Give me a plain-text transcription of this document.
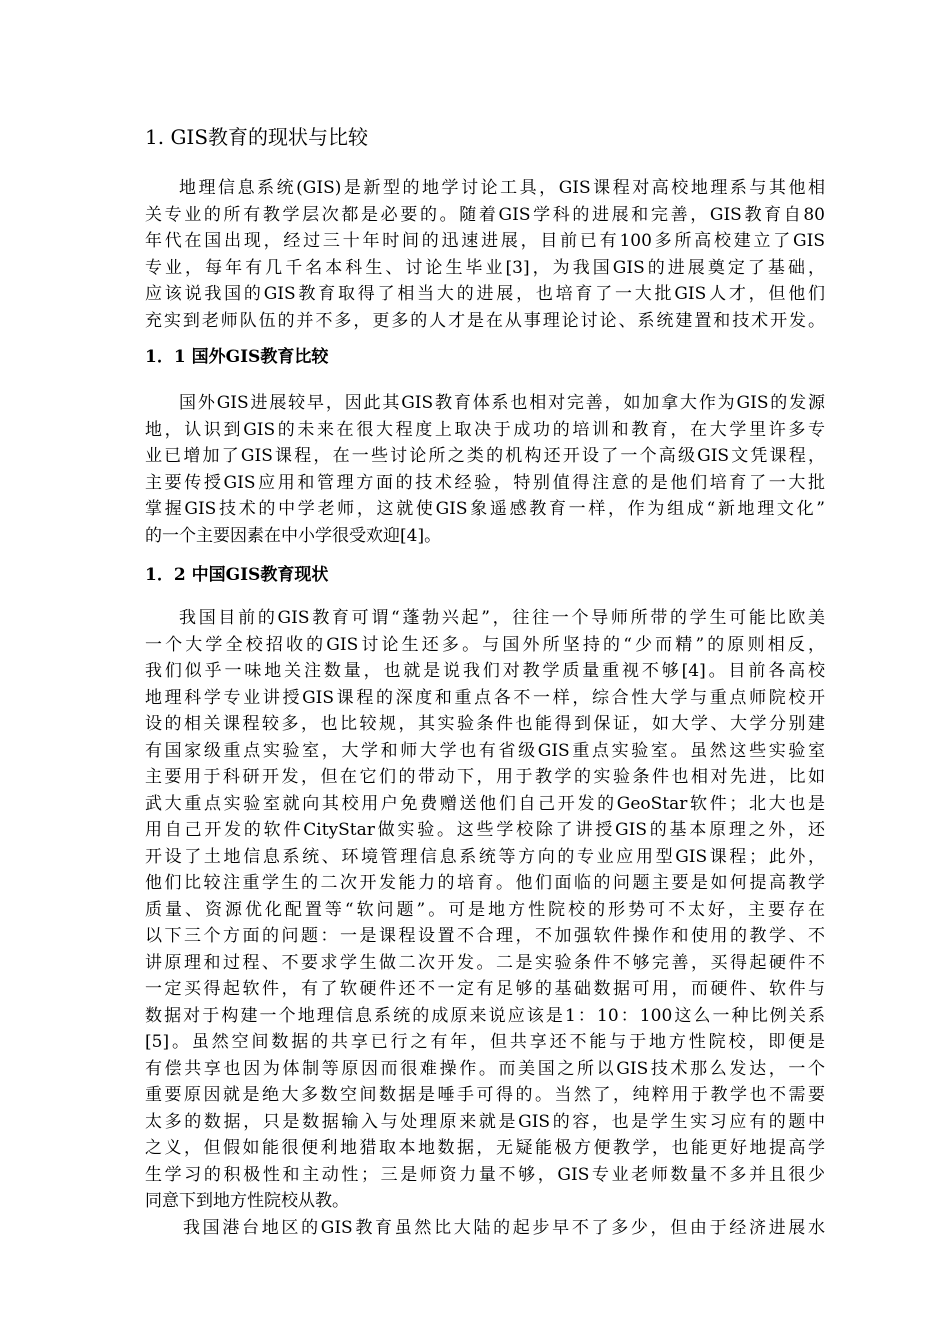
1. GIS教育的现状与比较
地理信息系统(GIS)是新型的地学讨论工具，GIS课程对高校地理系与其他相
关专业的所有教学层次都是必要的。随着GIS学科的进展和完善，GIS教育自80
年代在国出现，经过三十年时间的迅速进展，目前已有100多所高校建立了GIS
专业，每年有几千名本科生、讨论生毕业[3]，为我国GIS的进展奠定了基础，
应该说我国的GIS教育取得了相当大的进展，也培育了一大批GIS人才，但他们
充实到老师队伍的并不多，更多的人才是在从事理论讨论、系统建置和技术开发。
1．1 国外GIS教育比较
国外GIS进展较早，因此其GIS教育体系也相对完善，如加拿大作为GIS的发源
地，认识到GIS的未来在很大程度上取决于成功的培训和教育，在大学里许多专
业已增加了GIS课程，在一些讨论所之类的机构还开设了一个高级GIS文凭课程，
主要传授GIS应用和管理方面的技术经验，特别值得注意的是他们培育了一大批
掌握GIS技术的中学老师，这就使GIS象遥感教育一样，作为组成“新地理文化”
的一个主要因素在中小学很受欢迎[4]。
1．2 中国GIS教育现状
我国目前的GIS教育可谓“蓬勃兴起”，往往一个导师所带的学生可能比欧美
一个大学全校招收的GIS讨论生还多。与国外所坚持的“少而精”的原则相反，
我们似乎一味地关注数量，也就是说我们对教学质量重视不够[4]。目前各高校
地理科学专业讲授GIS课程的深度和重点各不一样，综合性大学与重点师院校开
设的相关课程较多，也比较规，其实验条件也能得到保证，如大学、大学分别建
有国家级重点实验室，大学和师大学也有省级GIS重点实验室。虽然这些实验室
主要用于科研开发，但在它们的带动下，用于教学的实验条件也相对先进，比如
武大重点实验室就向其校用户免费赠送他们自己开发的GeoStar软件；北大也是
用自己开发的软件CityStar做实验。这些学校除了讲授GIS的基本原理之外，还
开设了土地信息系统、环境管理信息系统等方向的专业应用型GIS课程；此外，
他们比较注重学生的二次开发能力的培育。他们面临的问题主要是如何提高教学
质量、资源优化配置等“软问题”。可是地方性院校的形势可不太好，主要存在
以下三个方面的问题：一是课程设置不合理，不加强软件操作和使用的教学、不
讲原理和过程、不要求学生做二次开发。二是实验条件不够完善，买得起硬件不
一定买得起软件，有了软硬件还不一定有足够的基础数据可用，而硬件、软件与
数据对于构建一个地理信息系统的成原来说应该是1：10：100这么一种比例关系
[5]。虽然空间数据的共享已行之有年，但共享还不能与于地方性院校，即便是
有偿共享也因为体制等原因而很难操作。而美国之所以GIS技术那么发达，一个
重要原因就是绝大多数空间数据是唾手可得的。当然了，纯粹用于教学也不需要
太多的数据，只是数据输入与处理原来就是GIS的容，也是学生实习应有的题中
之义，但假如能很便利地猎取本地数据，无疑能极方便教学，也能更好地提高学
生学习的积极性和主动性；三是师资力量不够，GIS专业老师数量不多并且很少
同意下到地方性院校从教。
我国港台地区的GIS教育虽然比大陆的起步早不了多少，但由于经济进展水
